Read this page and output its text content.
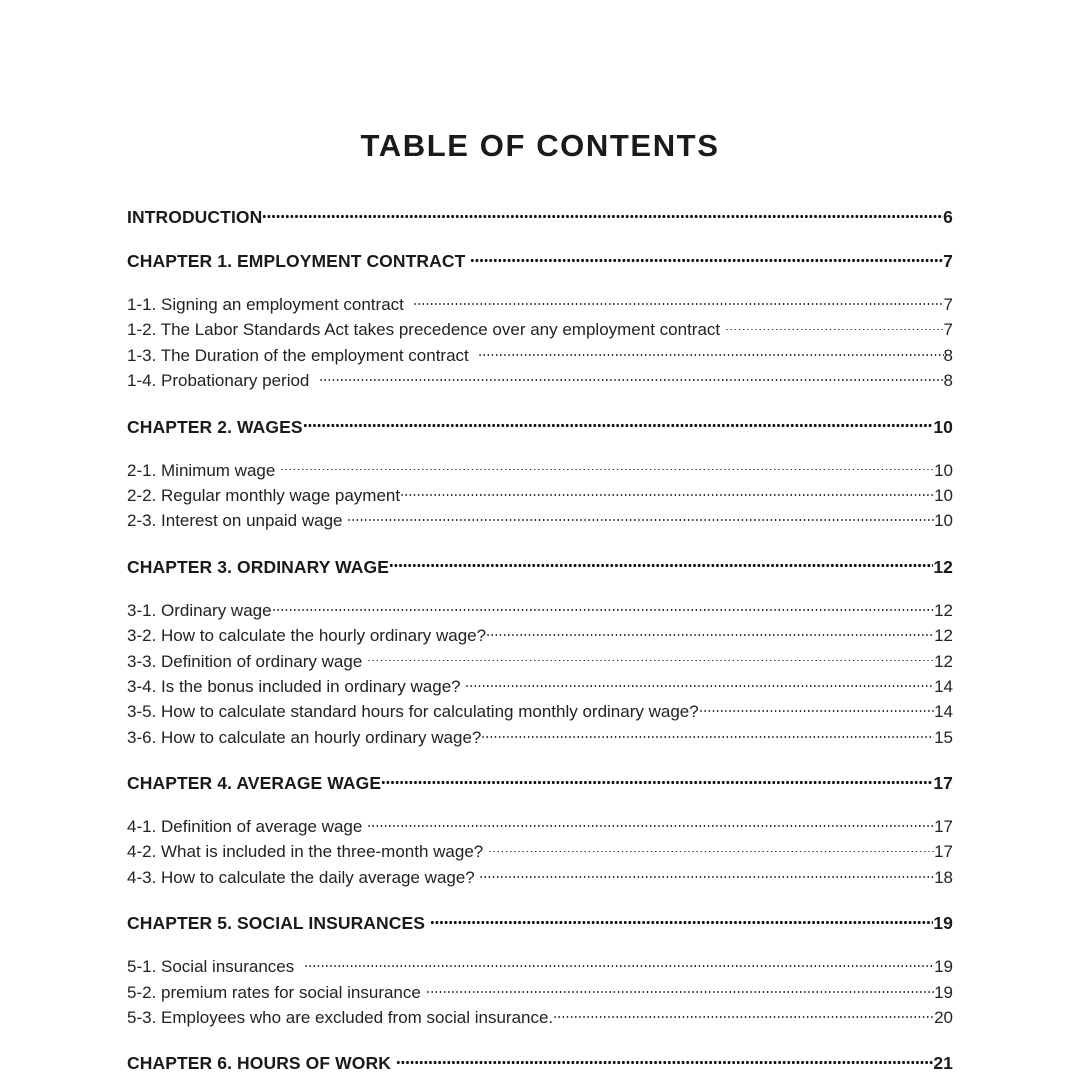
TABLE OF CONTENTS
INTRODUCTION	6
CHAPTER 1. EMPLOYMENT CONTRACT	7
1-1. Signing an employment contract	7
1-2. The Labor Standards Act takes precedence over any employment contract	7
1-3. The Duration of the employment contract	8
1-4. Probationary period	8
CHAPTER 2. WAGES	10
2-1. Minimum wage	10
2-2. Regular monthly wage payment	10
2-3. Interest on unpaid wage	10
CHAPTER 3. ORDINARY WAGE	12
3-1. Ordinary wage	12
3-2. How to calculate the hourly ordinary wage?	12
3-3. Definition of ordinary wage	12
3-4. Is the bonus included in ordinary wage?	14
3-5. How to calculate standard hours for calculating monthly ordinary wage?	14
3-6. How to calculate an hourly ordinary wage?	15
CHAPTER 4. AVERAGE WAGE	17
4-1. Definition of average wage	17
4-2. What is included in the three-month wage?	17
4-3. How to calculate the daily average wage?	18
CHAPTER 5. SOCIAL INSURANCES	19
5-1. Social insurances	19
5-2. premium rates for social insurance	19
5-3. Employees who are excluded from social insurance.	20
CHAPTER 6. HOURS OF WORK	21
